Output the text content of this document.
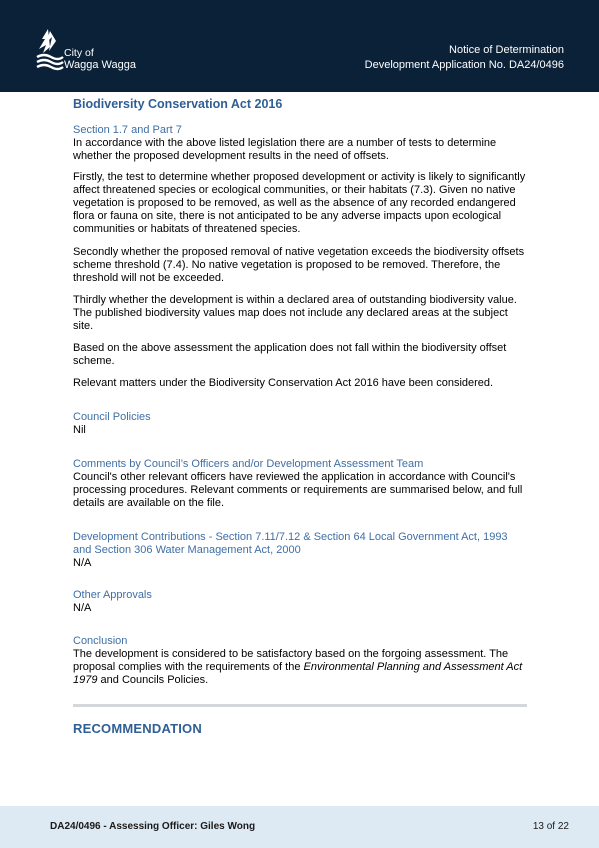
City of
Wagga Wagga
Notice of Determination
Development Application No. DA24/0496
Biodiversity Conservation Act 2016
Section 1.7 and Part 7

In accordance with the above listed legislation there are a number of tests to determine whether the proposed development results in the need of offsets.

Firstly, the test to determine whether proposed development or activity is likely to significantly affect threatened species or ecological communities, or their habitats (7.3). Given no native vegetation is proposed to be removed, as well as the absence of any recorded endangered flora or fauna on site, there is not anticipated to be any adverse impacts upon ecological communities or habitats of threatened species.

Secondly whether the proposed removal of native vegetation exceeds the biodiversity offsets scheme threshold (7.4). No native vegetation is proposed to be removed. Therefore, the threshold will not be exceeded.

Thirdly whether the development is within a declared area of outstanding biodiversity value. The published biodiversity values map does not include any declared areas at the subject site.

Based on the above assessment the application does not fall within the biodiversity offset scheme.

Relevant matters under the Biodiversity Conservation Act 2016 have been considered.

Council Policies

Nil

Comments by Council’s Officers and/or Development Assessment Team

Council's other relevant officers have reviewed the application in accordance with Council's processing procedures. Relevant comments or requirements are summarised below, and full details are available on the file.

Development Contributions - Section 7.11/7.12 & Section 64 Local Government Act, 1993
and Section 306 Water Management Act, 2000

N/A

Other Approvals

N/A

Conclusion

The development is considered to be satisfactory based on the forgoing assessment. The proposal complies with the requirements of the Environmental Planning and Assessment Act 1979 and Councils Policies.

RECOMMENDATION
DA24/0496 - Assessing Officer: Giles Wong	13 of 22
